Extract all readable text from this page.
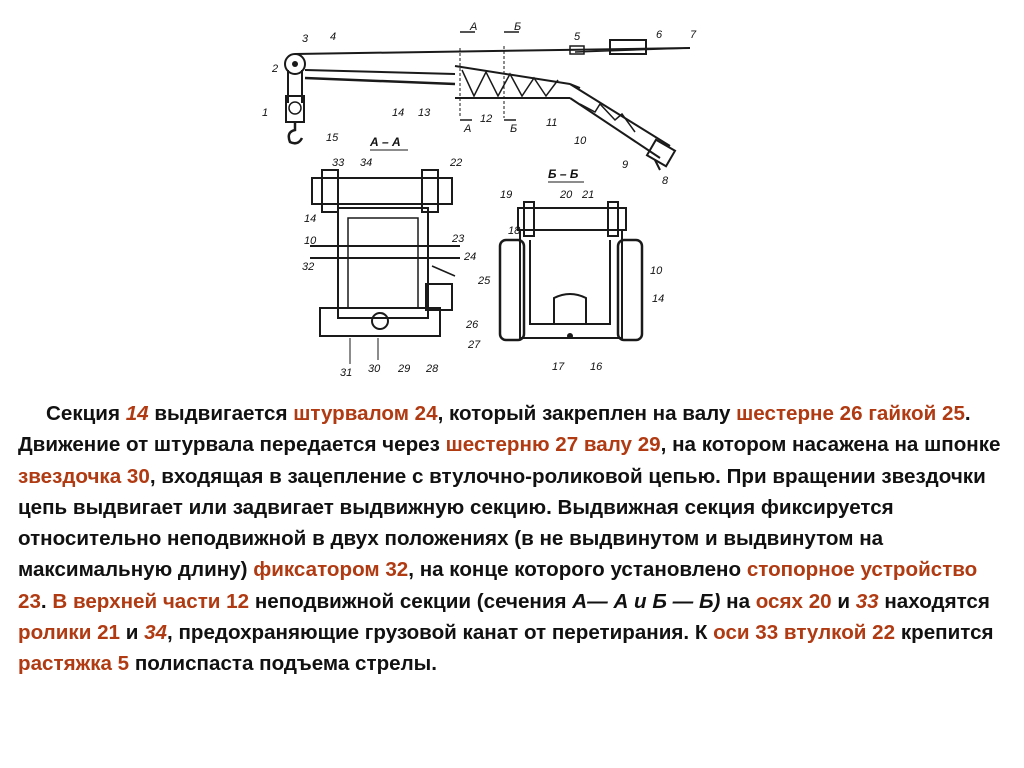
2
3 4
1
15
14 13
А	Б
А
12
Б
5	6	7
11
10
9
8
А – А
33 34	22
14
10
32
23
24
25
26
27
28
29
30
31
Б – Б
19	20 21
18
10
14
17 16
Секция 14 выдвигается штурвалом 24, который закреплен на валу шестерне 26 гайкой 25. Движение от штурвала передается через шестерню 27 валу 29, на котором насажена на шпонке звездочка 30, входящая в зацепление с втулочно-роликовой цепью. При вращении звездочки цепь выдвигает или задвигает выдвижную секцию. Выдвижная секция фиксируется относительно неподвижной в двух положениях (в не выдвинутом и выдвинутом на максимальную длину) фиксатором 32, на конце которого установлено стопорное устройство 23. В верхней части 12 неподвижной секции (сечения А— А и Б — Б) на осях 20 и 33 находятся ролики 21 и 34, предохраняющие грузовой канат от перетирания. К оси 33 втулкой 22 крепится растяжка 5 полиспаста подъема стрелы.
